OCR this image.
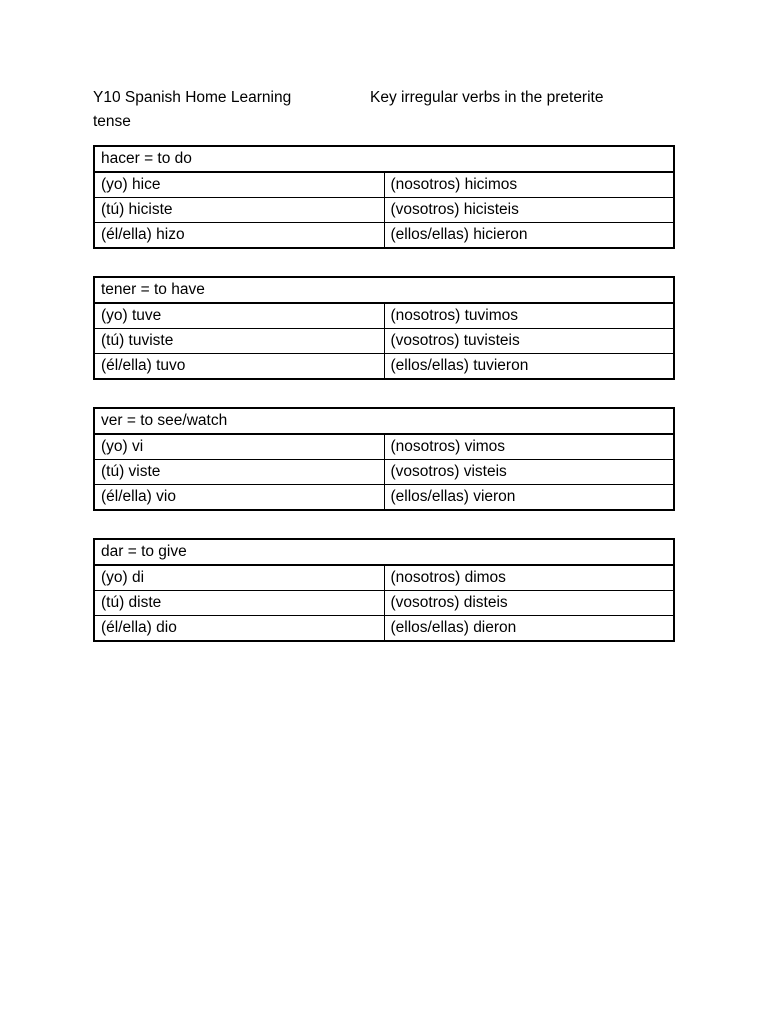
Y10 Spanish Home Learning	Key irregular verbs in the preterite
tense

hacer = to do	
(yo) hice	(nosotros) hicimos
(tú) hiciste	(vosotros) hicisteis
(él/ella) hizo	(ellos/ellas) hicieron
tener = to have	
(yo) tuve	(nosotros) tuvimos
(tú) tuviste	(vosotros) tuvisteis
(él/ella) tuvo	(ellos/ellas) tuvieron
ver = to see/watch	
(yo) vi	(nosotros) vimos
(tú) viste	(vosotros) visteis
(él/ella) vio	(ellos/ellas) vieron
dar = to give	
(yo) di	(nosotros) dimos
(tú) diste	(vosotros) disteis
(él/ella) dio	(ellos/ellas) dieron
